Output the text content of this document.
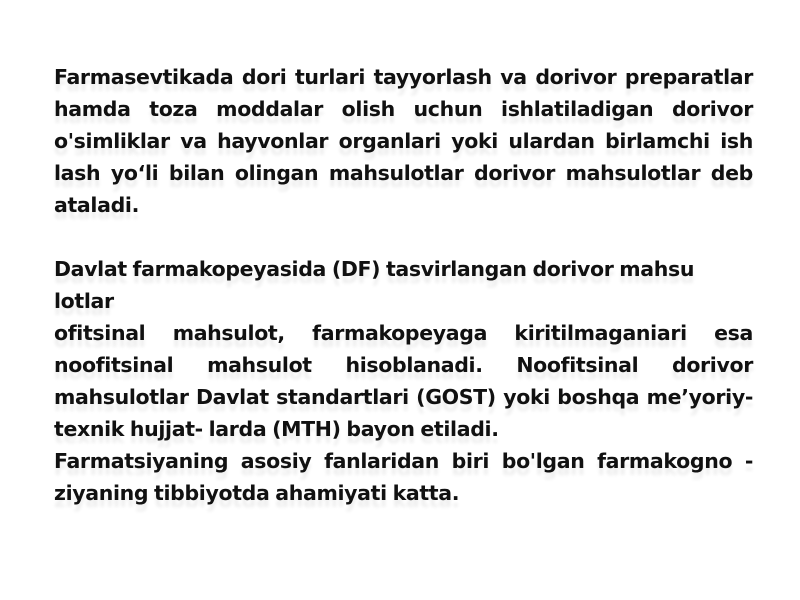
Farmasevtikada dori turlari tayyorlash va dorivor preparatlar hamda toza moddalar olish uchun ishlatiladigan dorivor o'simliklar va hayvonlar organlari yoki ulardan birlamchi ish lash yo‘li bilan olingan mahsulotlar dorivor mahsulotlar deb ataladi.
Davlat farmakopeyasida (DF) tasvirlangan dorivor mahsu lotlar
ofitsinal mahsulot, farmakopeyaga kiritilmaganiari esa noofitsinal mahsulot hisoblanadi. Noofitsinal dorivor mahsulotlar Davlat standartlari (GOST) yoki boshqa me’yoriy-texnik hujjat- larda (MTH) bayon etiladi.
Farmatsiyaning asosiy fanlaridan biri bo'lgan farmakogno - ziyaning tibbiyotda ahamiyati katta.
